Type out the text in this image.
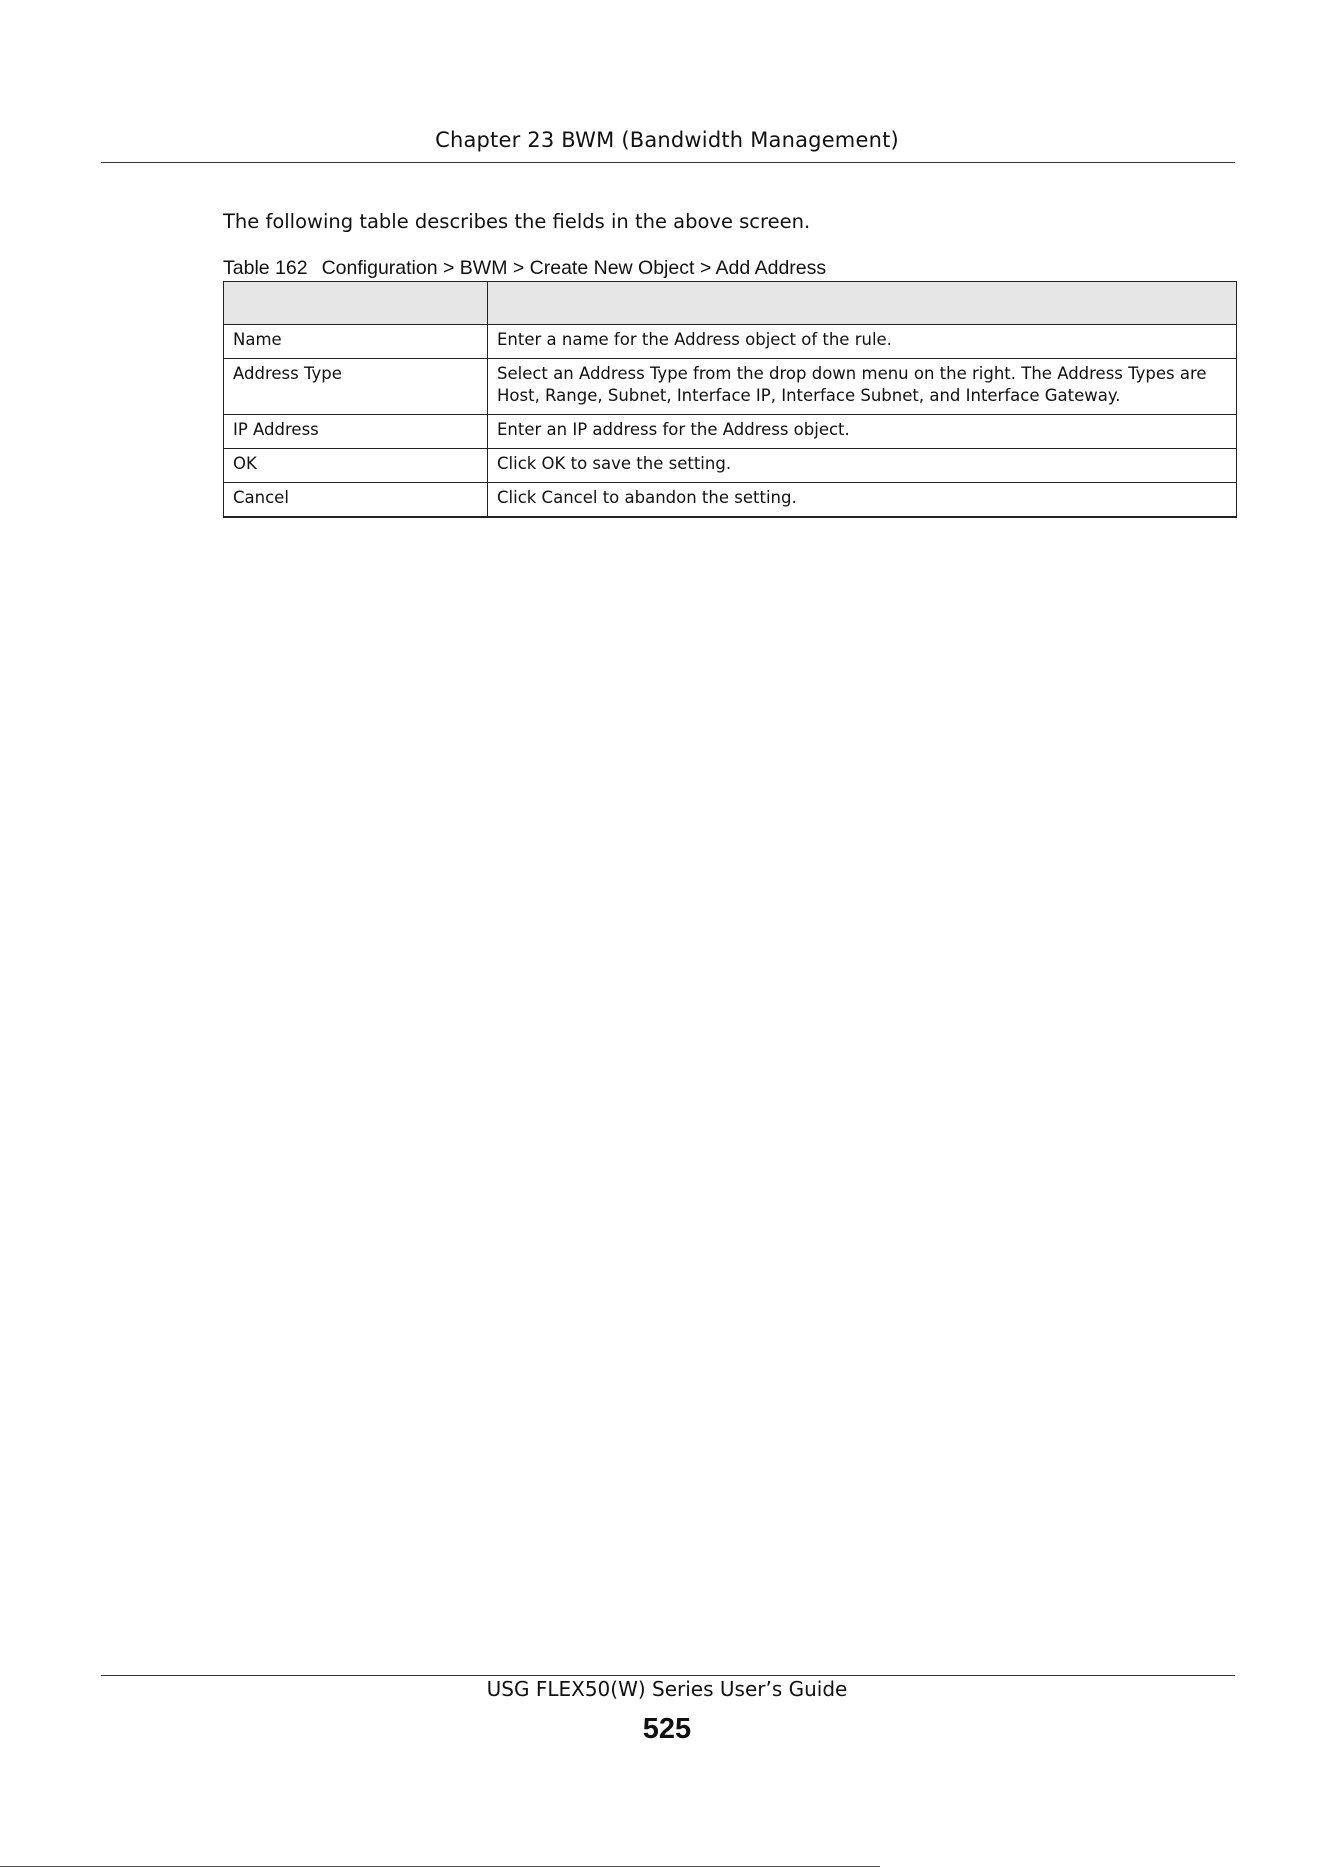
Chapter 23 BWM (Bandwidth Management)
The following table describes the fields in the above screen.
Table 162 Configuration > BWM > Create New Object > Add Address

Name	Enter a name for the Address object of the rule.
Address Type	Select an Address Type from the drop down menu on the right. The Address Types are Host, Range, Subnet, Interface IP, Interface Subnet, and Interface Gateway.
IP Address	Enter an IP address for the Address object.
OK	Click OK to save the setting.
Cancel	Click Cancel to abandon the setting.
USG FLEX50(W) Series User’s Guide
525
